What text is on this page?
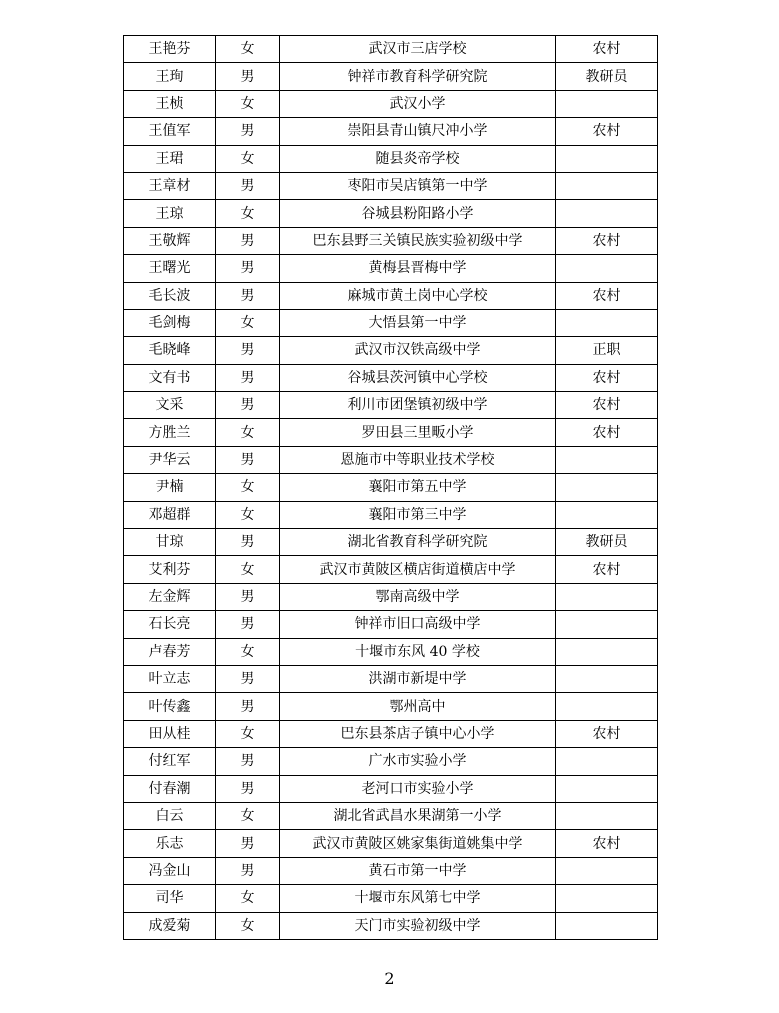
王艳芬	女	武汉市三店学校	农村
王珣	男	钟祥市教育科学研究院	教研员
王桢	女	武汉小学	
王值军	男	崇阳县青山镇尺冲小学	农村
王珺	女	随县炎帝学校	
王章材	男	枣阳市吴店镇第一中学	
王琼	女	谷城县粉阳路小学	
王敬辉	男	巴东县野三关镇民族实验初级中学	农村
王曙光	男	黄梅县晋梅中学	
毛长波	男	麻城市黄土岗中心学校	农村
毛剑梅	女	大悟县第一中学	
毛晓峰	男	武汉市汉铁高级中学	正职
文有书	男	谷城县茨河镇中心学校	农村
文采	男	利川市团堡镇初级中学	农村
方胜兰	女	罗田县三里畈小学	农村
尹华云	男	恩施市中等职业技术学校	
尹楠	女	襄阳市第五中学	
邓超群	女	襄阳市第三中学	
甘琼	男	湖北省教育科学研究院	教研员
艾利芬	女	武汉市黄陂区横店街道横店中学	农村
左金辉	男	鄂南高级中学	
石长亮	男	钟祥市旧口高级中学	
卢春芳	女	十堰市东风 40 学校	
叶立志	男	洪湖市新堤中学	
叶传鑫	男	鄂州高中	
田从桂	女	巴东县茶店子镇中心小学	农村
付红军	男	广水市实验小学	
付春潮	男	老河口市实验小学	
白云	女	湖北省武昌水果湖第一小学	
乐志	男	武汉市黄陂区姚家集街道姚集中学	农村
冯金山	男	黄石市第一中学	
司华	女	十堰市东风第七中学	
成爱菊	女	天门市实验初级中学	
2
